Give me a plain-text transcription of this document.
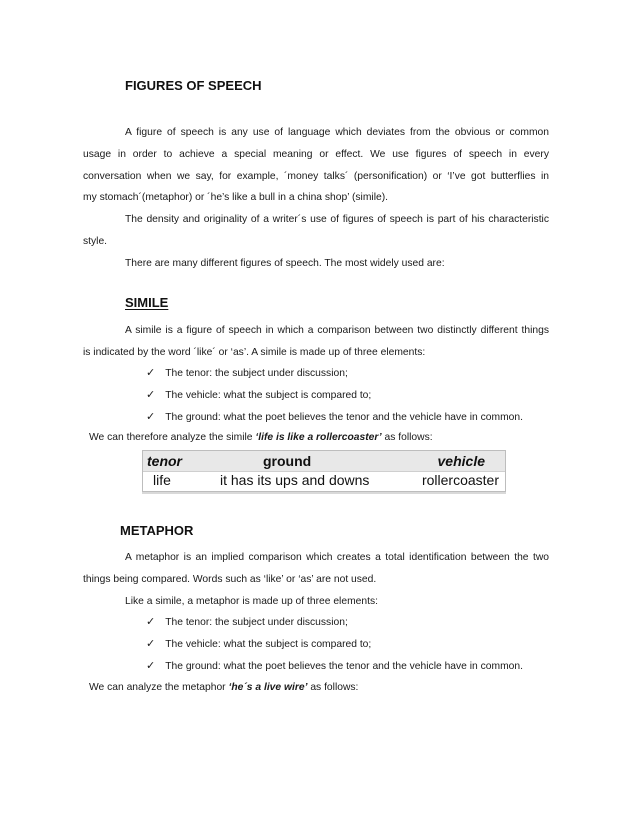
FIGURES OF SPEECH
A figure of speech is any use of language which deviates from the obvious or common
usage in order to achieve a special meaning or effect. We use figures of speech in every
conversation when we say, for example, ´money talks´ (personification) or ‘I’ve got butterflies in
my stomach´(metaphor) or ´he’s like a bull in a china shop’ (simile).
The density and originality of a writer´s use of figures of speech is part of his characteristic
style.
There are many different figures of speech. The most widely used are:
SIMILE
A simile is a figure of speech in which a comparison between two distinctly different things
is indicated by the word ´like´ or ‘as’. A simile is made up of three elements:
✓ The tenor: the subject under discussion;
✓ The vehicle: what the subject is compared to;
✓ The ground: what the poet believes the tenor and the vehicle have in common.
We can therefore analyze the simile ‘life is like a rollercoaster’ as follows:
tenor	ground	vehicle
life	it has its ups and downs	rollercoaster
METAPHOR
A metaphor is an implied comparison which creates a total identification between the two
things being compared. Words such as ‘like’ or ‘as’ are not used.
Like a simile, a metaphor is made up of three elements:
✓ The tenor: the subject under discussion;
✓ The vehicle: what the subject is compared to;
✓ The ground: what the poet believes the tenor and the vehicle have in common.
We can analyze the metaphor ‘he´s a live wire’ as follows:
